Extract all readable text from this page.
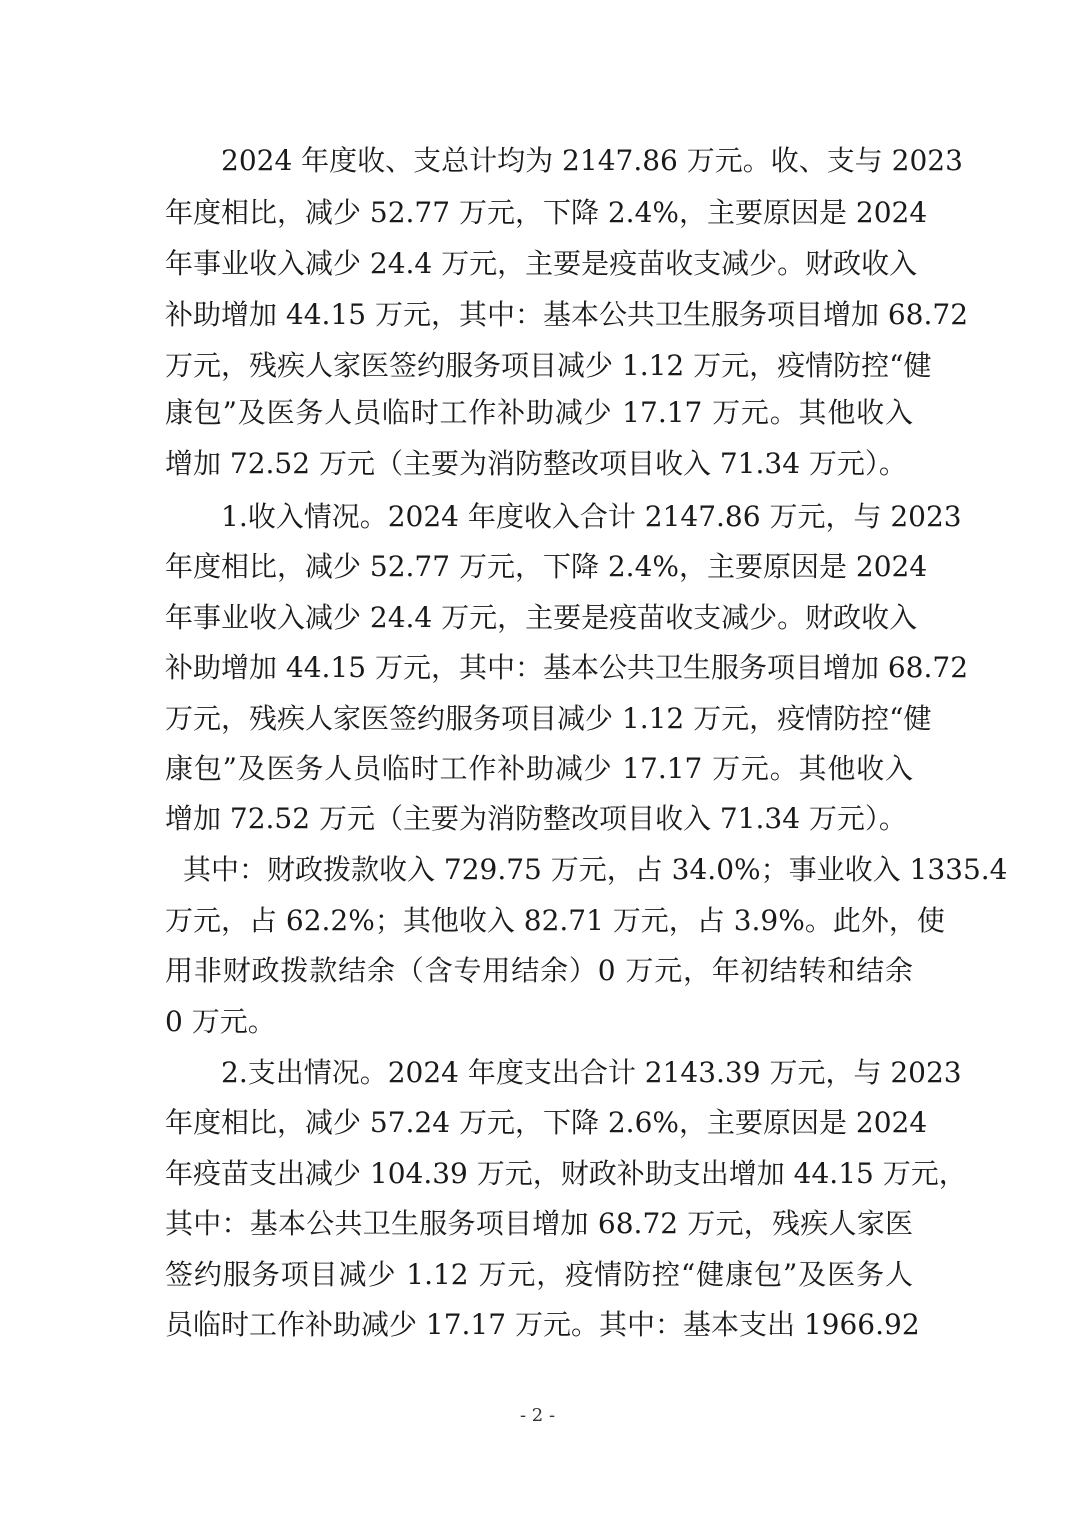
2024 年度收、支总计均为 2147.86 万元。收、支与 2023
年度相比，减少 52.77 万元，下降 2.4%，主要原因是 2024
年事业收入减少 24.4 万元，主要是疫苗收支减少。财政收入
补助增加 44.15 万元，其中：基本公共卫生服务项目增加 68.72
万元，残疾人家医签约服务项目减少 1.12 万元，疫情防控“健
康包”及医务人员临时工作补助减少 17.17 万元。其他收入
增加 72.52 万元（主要为消防整改项目收入 71.34 万元）。
1.收入情况。2024 年度收入合计 2147.86 万元，与 2023
年度相比，减少 52.77 万元，下降 2.4%，主要原因是 2024
年事业收入减少 24.4 万元，主要是疫苗收支减少。财政收入
补助增加 44.15 万元，其中：基本公共卫生服务项目增加 68.72
万元，残疾人家医签约服务项目减少 1.12 万元，疫情防控“健
康包”及医务人员临时工作补助减少 17.17 万元。其他收入
增加 72.52 万元（主要为消防整改项目收入 71.34 万元）。
其中：财政拨款收入 729.75 万元，占 34.0%；事业收入 1335.4
万元，占 62.2%；其他收入 82.71 万元，占 3.9%。此外，使
用非财政拨款结余（含专用结余）0 万元，年初结转和结余
0 万元。
2.支出情况。2024 年度支出合计 2143.39 万元，与 2023
年度相比，减少 57.24 万元，下降 2.6%，主要原因是 2024
年疫苗支出减少 104.39 万元，财政补助支出增加 44.15 万元，
其中：基本公共卫生服务项目增加 68.72 万元，残疾人家医
签约服务项目减少 1.12 万元，疫情防控“健康包”及医务人
员临时工作补助减少 17.17 万元。其中：基本支出 1966.92
- 2 -
